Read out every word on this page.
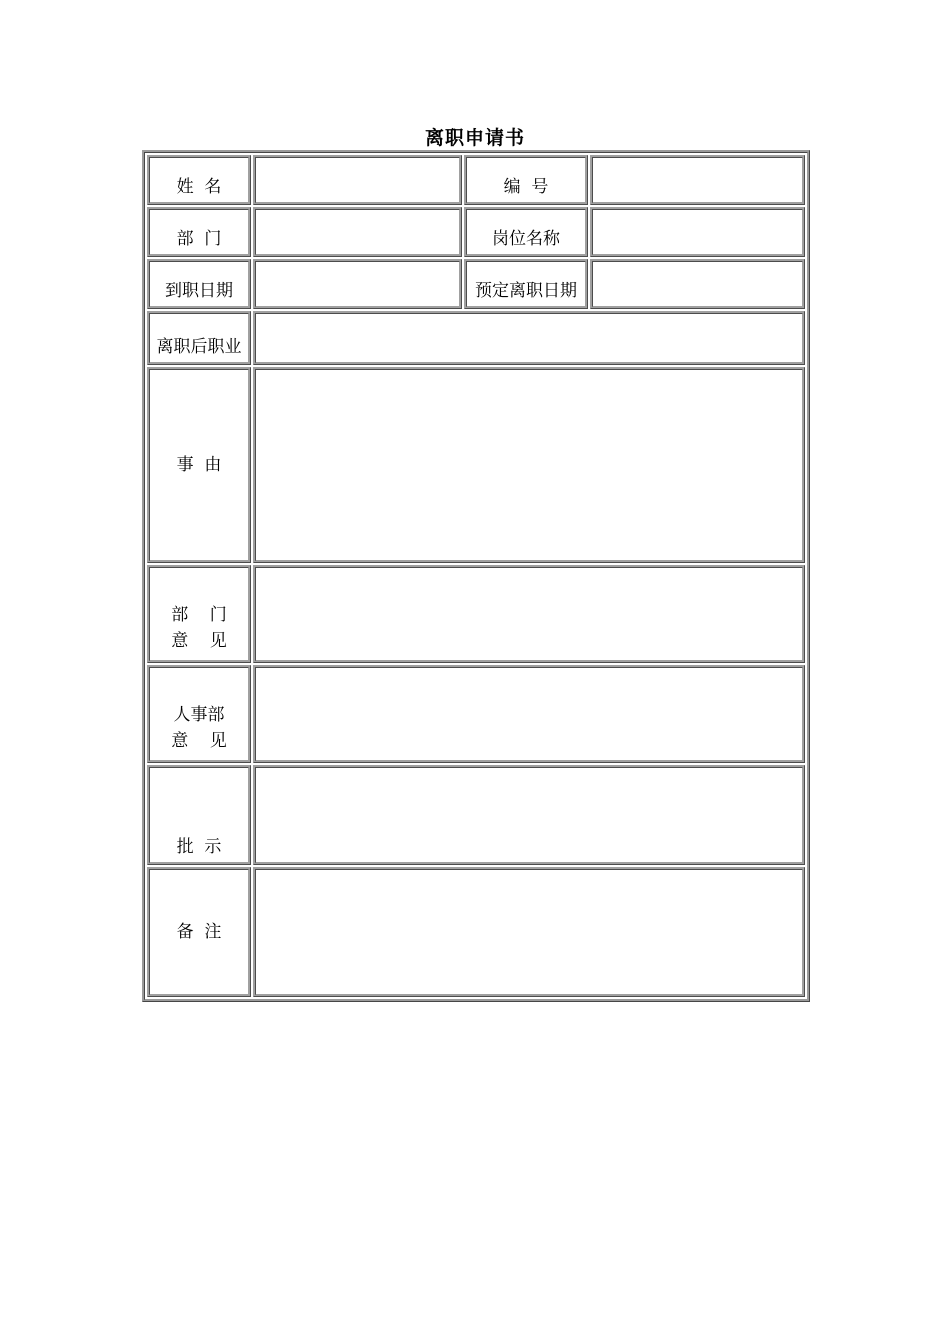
离职申请书
姓  名		编  号	
部  门		岗位名称	
到职日期		预定离职日期	
离职后职业			
事  由			

部    门
意    见			

人事部
意    见			

批  示			
备  注			
